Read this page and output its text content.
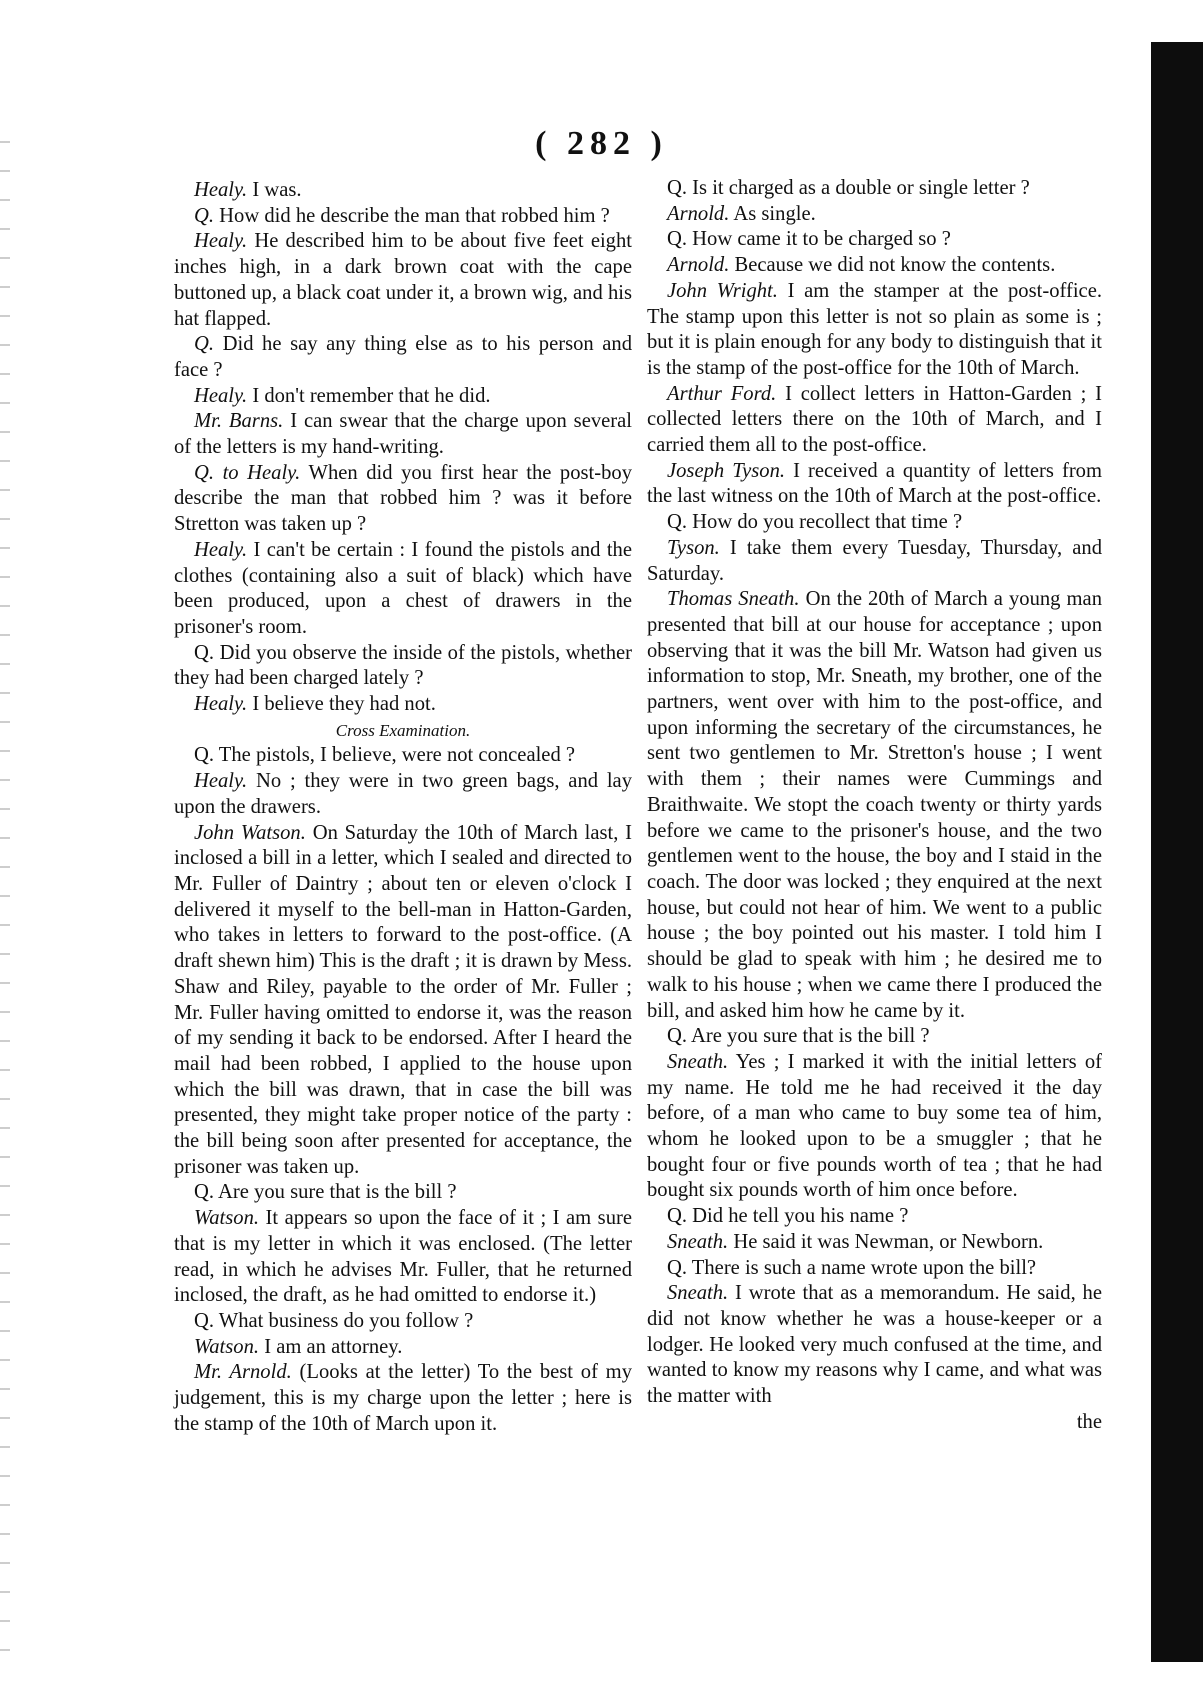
( 282 )

Healy. I was.

Q. How did he describe the man that robbed him ?

Healy. He described him to be about five feet eight inches high, in a dark brown coat with the cape buttoned up, a black coat under it, a brown wig, and his hat flapped.

Q. Did he say any thing else as to his person and face ?

Healy. I don't remember that he did.

Mr. Barns. I can swear that the charge upon several of the letters is my hand-writing.

Q. to Healy. When did you first hear the post-boy describe the man that robbed him ? was it before Stretton was taken up ?

Healy. I can't be certain : I found the pistols and the clothes (containing also a suit of black) which have been produced, upon a chest of drawers in the prisoner's room.

Q. Did you observe the inside of the pistols, whether they had been charged lately ?

Healy. I believe they had not.

Cross Examination.

Q. The pistols, I believe, were not concealed ?

Healy. No ; they were in two green bags, and lay upon the drawers.

John Watson. On Saturday the 10th of March last, I inclosed a bill in a letter, which I sealed and directed to Mr. Fuller of Daintry ; about ten or eleven o'clock I delivered it myself to the bell-man in Hatton-Garden, who takes in letters to forward to the post-office. (A draft shewn him) This is the draft ; it is drawn by Mess. Shaw and Riley, payable to the order of Mr. Fuller ; Mr. Fuller having omitted to endorse it, was the reason of my sending it back to be endorsed. After I heard the mail had been robbed, I applied to the house upon which the bill was drawn, that in case the bill was presented, they might take proper notice of the party : the bill being soon after presented for acceptance, the prisoner was taken up.

Q. Are you sure that is the bill ?

Watson. It appears so upon the face of it ; I am sure that is my letter in which it was enclosed. (The letter read, in which he advises Mr. Fuller, that he returned inclosed, the draft, as he had omitted to endorse it.)

Q. What business do you follow ?

Watson. I am an attorney.

Mr. Arnold. (Looks at the letter) To the best of my judgement, this is my charge upon the letter ; here is the stamp of the 10th of March upon it.

Q. Is it charged as a double or single letter ?

Arnold. As single.

Q. How came it to be charged so ?

Arnold. Because we did not know the contents.

John Wright. I am the stamper at the post-office. The stamp upon this letter is not so plain as some is ; but it is plain enough for any body to distinguish that it is the stamp of the post-office for the 10th of March.

Arthur Ford. I collect letters in Hatton-Garden ; I collected letters there on the 10th of March, and I carried them all to the post-office.

Joseph Tyson. I received a quantity of letters from the last witness on the 10th of March at the post-office.

Q. How do you recollect that time ?

Tyson. I take them every Tuesday, Thursday, and Saturday.

Thomas Sneath. On the 20th of March a young man presented that bill at our house for acceptance ; upon observing that it was the bill Mr. Watson had given us information to stop, Mr. Sneath, my brother, one of the partners, went over with him to the post-office, and upon informing the secretary of the circumstances, he sent two gentlemen to Mr. Stretton's house ; I went with them ; their names were Cummings and Braithwaite. We stopt the coach twenty or thirty yards before we came to the prisoner's house, and the two gentlemen went to the house, the boy and I staid in the coach. The door was locked ; they enquired at the next house, but could not hear of him. We went to a public house ; the boy pointed out his master. I told him I should be glad to speak with him ; he desired me to walk to his house ; when we came there I produced the bill, and asked him how he came by it.

Q. Are you sure that is the bill ?

Sneath. Yes ; I marked it with the initial letters of my name. He told me he had received it the day before, of a man who came to buy some tea of him, whom he looked upon to be a smuggler ; that he bought four or five pounds worth of tea ; that he had bought six pounds worth of him once before.

Q. Did he tell you his name ?

Sneath. He said it was Newman, or Newborn.

Q. There is such a name wrote upon the bill?

Sneath. I wrote that as a memorandum. He said, he did not know whether he was a house-keeper or a lodger. He looked very much confused at the time, and wanted to know my reasons why I came, and what was the matter with

the
